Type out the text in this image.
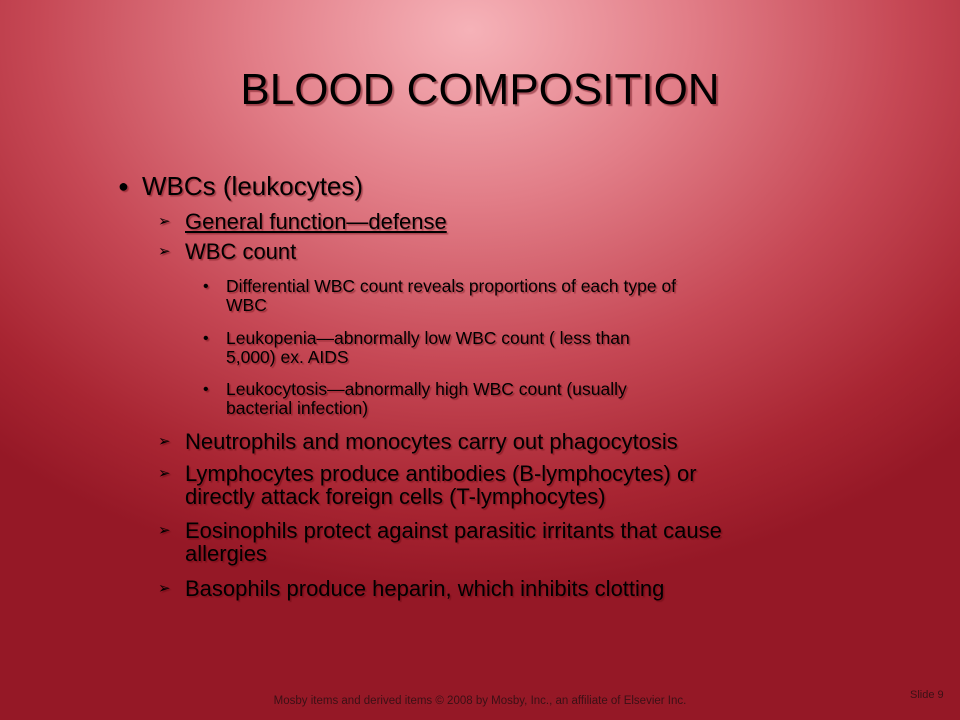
BLOOD COMPOSITION
● WBCs (leukocytes)
➢ General function—defense
➢ WBC count
• Differential WBC count reveals proportions of each type of
WBC
• Leukopenia—abnormally low WBC count ( less than
5,000) ex. AIDS
• Leukocytosis—abnormally high WBC count (usually
bacterial infection)
➢ Neutrophils and monocytes carry out phagocytosis
➢ Lymphocytes produce antibodies (B-lymphocytes) or
directly attack foreign cells (T-lymphocytes)
➢ Eosinophils protect against parasitic irritants that cause
allergies
➢ Basophils produce heparin, which inhibits clotting
Mosby items and derived items © 2008 by Mosby, Inc., an affiliate of Elsevier Inc.	Slide 9
